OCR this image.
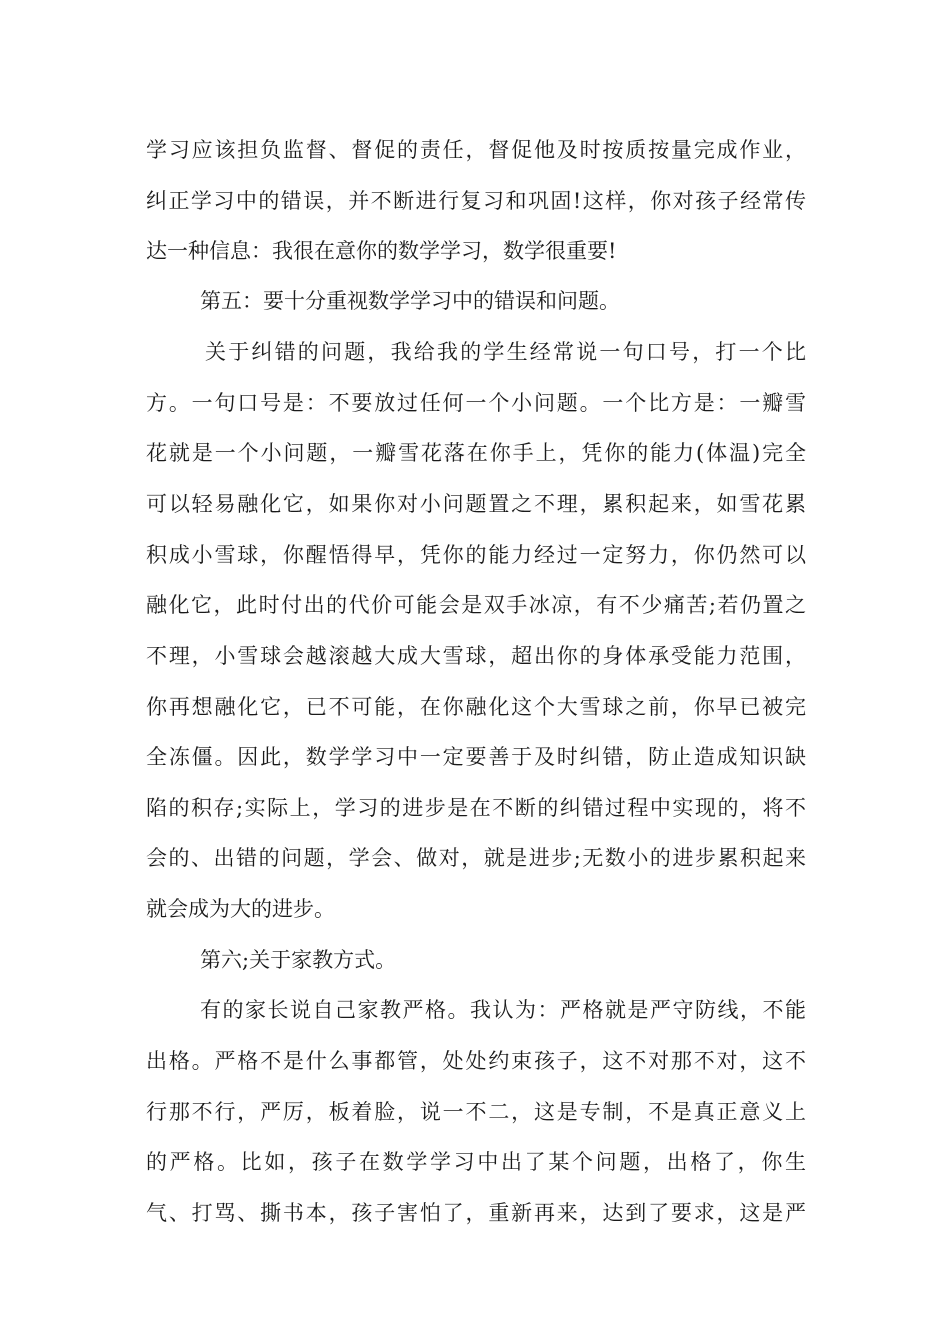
学习应该担负监督、督促的责任，督促他及时按质按量完成作业，
纠正学习中的错误，并不断进行复习和巩固!这样，你对孩子经常传
达一种信息：我很在意你的数学学习，数学很重要!
第五：要十分重视数学学习中的错误和问题。
关于纠错的问题，我给我的学生经常说一句口号，打一个比
方。一句口号是：不要放过任何一个小问题。一个比方是：一瓣雪
花就是一个小问题，一瓣雪花落在你手上，凭你的能力(体温)完全
可以轻易融化它，如果你对小问题置之不理，累积起来，如雪花累
积成小雪球，你醒悟得早，凭你的能力经过一定努力，你仍然可以
融化它，此时付出的代价可能会是双手冰凉，有不少痛苦;若仍置之
不理，小雪球会越滚越大成大雪球，超出你的身体承受能力范围，
你再想融化它，已不可能，在你融化这个大雪球之前，你早已被完
全冻僵。因此，数学学习中一定要善于及时纠错，防止造成知识缺
陷的积存;实际上，学习的进步是在不断的纠错过程中实现的，将不
会的、出错的问题，学会、做对，就是进步;无数小的进步累积起来
就会成为大的进步。
第六;关于家教方式。
有的家长说自己家教严格。我认为：严格就是严守防线，不能
出格。严格不是什么事都管，处处约束孩子，这不对那不对，这不
行那不行，严厉，板着脸，说一不二，这是专制，不是真正意义上
的严格。比如，孩子在数学学习中出了某个问题，出格了，你生
气、打骂、撕书本，孩子害怕了，重新再来，达到了要求，这是严
